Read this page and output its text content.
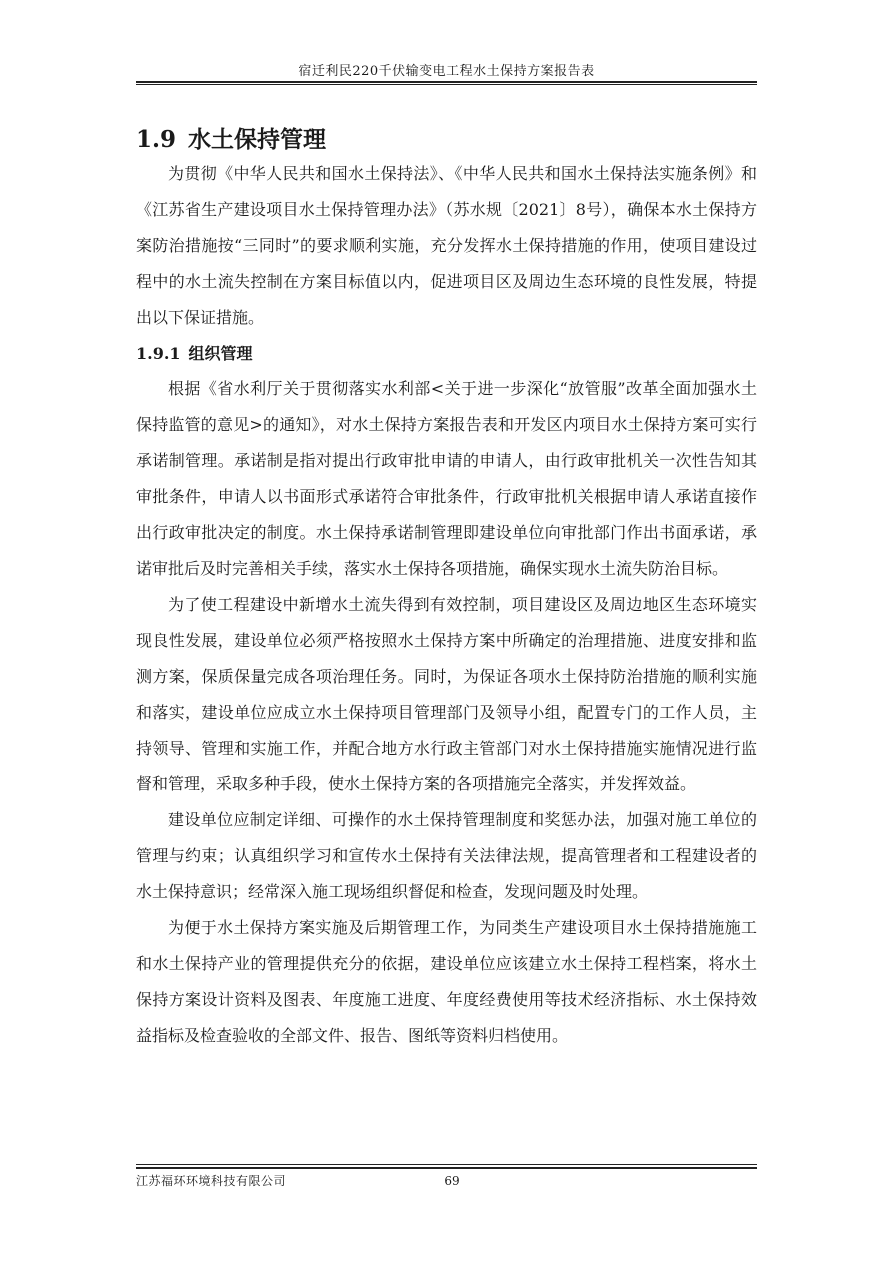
宿迁利民220千伏输变电工程水土保持方案报告表
1.9 水土保持管理

为贯彻《中华人民共和国水土保持法》、《中华人民共和国水土保持法实施条例》和《江苏省生产建设项目水土保持管理办法》（苏水规〔2021〕8号），确保本水土保持方案防治措施按“三同时”的要求顺利实施，充分发挥水土保持措施的作用，使项目建设过程中的水土流失控制在方案目标值以内，促进项目区及周边生态环境的良性发展，特提出以下保证措施。

1.9.1 组织管理

根据《省水利厅关于贯彻落实水利部<关于进一步深化“放管服”改革全面加强水土保持监管的意见>的通知》，对水土保持方案报告表和开发区内项目水土保持方案可实行承诺制管理。承诺制是指对提出行政审批申请的申请人，由行政审批机关一次性告知其审批条件，申请人以书面形式承诺符合审批条件，行政审批机关根据申请人承诺直接作出行政审批决定的制度。水土保持承诺制管理即建设单位向审批部门作出书面承诺，承诺审批后及时完善相关手续，落实水土保持各项措施，确保实现水土流失防治目标。

为了使工程建设中新增水土流失得到有效控制，项目建设区及周边地区生态环境实现良性发展，建设单位必须严格按照水土保持方案中所确定的治理措施、进度安排和监测方案，保质保量完成各项治理任务。同时，为保证各项水土保持防治措施的顺利实施和落实，建设单位应成立水土保持项目管理部门及领导小组，配置专门的工作人员，主持领导、管理和实施工作，并配合地方水行政主管部门对水土保持措施实施情况进行监督和管理，采取多种手段，使水土保持方案的各项措施完全落实，并发挥效益。

建设单位应制定详细、可操作的水土保持管理制度和奖惩办法，加强对施工单位的管理与约束；认真组织学习和宣传水土保持有关法律法规，提高管理者和工程建设者的水土保持意识；经常深入施工现场组织督促和检查，发现问题及时处理。

为便于水土保持方案实施及后期管理工作，为同类生产建设项目水土保持措施施工和水土保持产业的管理提供充分的依据，建设单位应该建立水土保持工程档案，将水土保持方案设计资料及图表、年度施工进度、年度经费使用等技术经济指标、水土保持效益指标及检查验收的全部文件、报告、图纸等资料归档使用。

江苏福环环境科技有限公司	69
